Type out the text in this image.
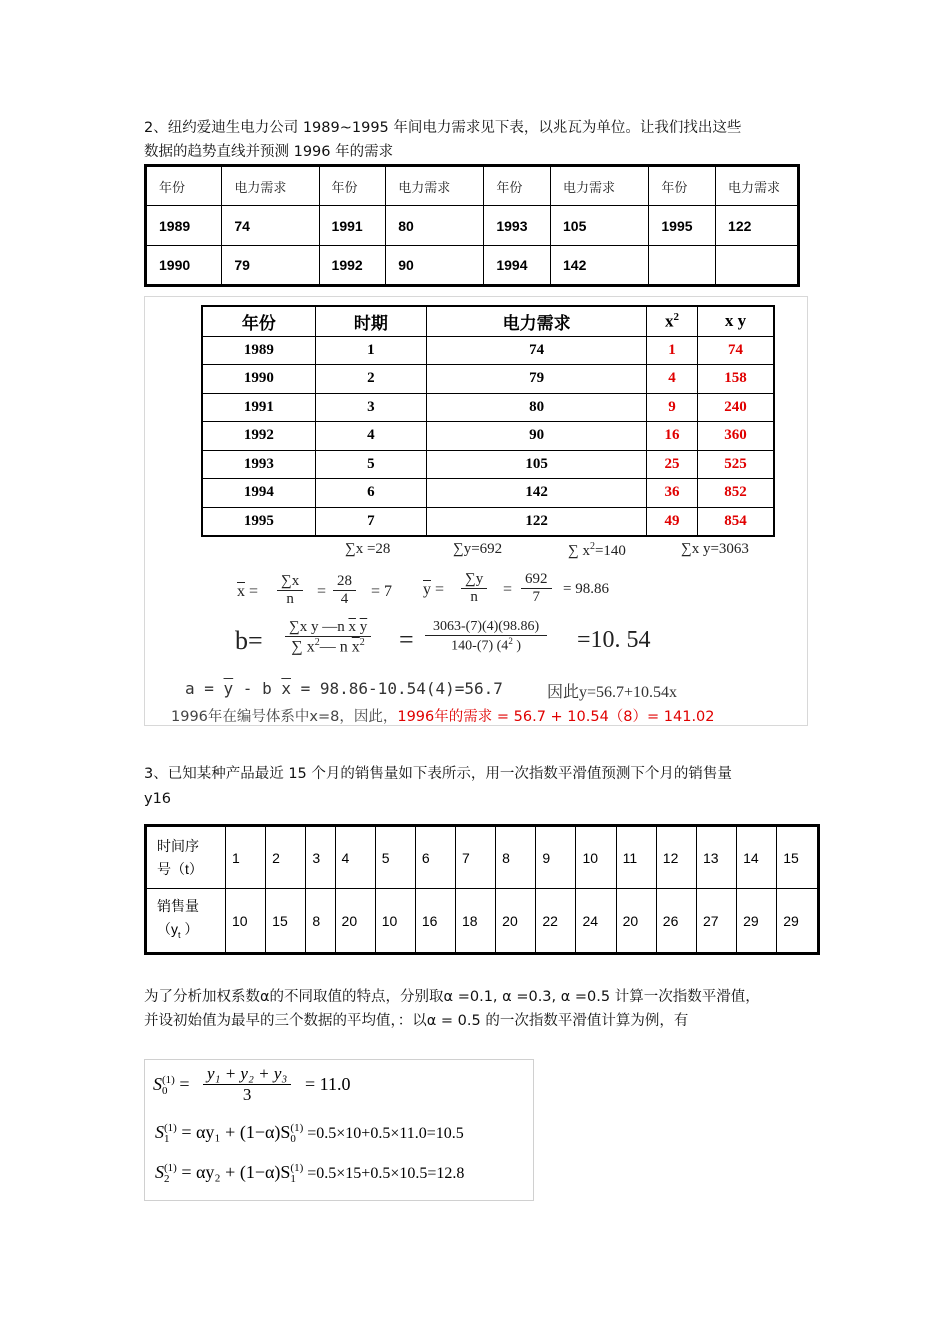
2、纽约爱迪生电力公司 1989~1995 年间电力需求见下表，以兆瓦为单位。让我们找出这些
数据的趋势直线并预测 1996 年的需求
年份	电力需求	年份	电力需求	年份	电力需求	年份	电力需求
1989	74	1991	80	1993	105	1995	122
1990	79	1992	90	1994	142		
年份	时期	电力需求	$x^2$	x y
1989	1	74	1	74
1990	2	79	4	158
1991	3	80	9	240
1992	4	90	16	360
1993	5	105	25	525
1994	6	142	36	852
1995	7	122	49	854
∑x =28	∑y=692	∑ $x^2=140$	∑x y=3063
$\overline{x} = \frac{\sum x}{n} = \frac{28}{4} = 7$ $\overline{y} = \frac{\sum y}{n} = \frac{692}{7} = 98.86$
$b= \frac{\sum x y —n \overline{x} \overline{y}}{\sum x^2— n \overline{x}^2} = \frac{3063-(7)(4)(98.86)}{140-(7) (4^2 )} =10$. 54
$a = \overline{y} - b$ $\overline{x} = 98.86-10.54(4)=56.7$	因此y=56.7+10.54x
1996年在编号体系中x=8，因此，1996年的需求 = 56.7 + 10.54（8）= 141.02
3、已知某种产品最近 15 个月的销售量如下表所示，用一次指数平滑值预测下个月的销售量
y16
时间序
号（t）	1	2	3	4	5	6	7	8	9	10	11	12	13	14	15
销售量
（$y_t$ ）	10	15	8	20	10	16	18	20	22	24	20	26	27	29	29
为了分析加权系数α的不同取值的特点，分别取α =0.1, α =0.3, α =0.5 计算一次指数平滑值，
并设初始值为最早的三个数据的平均值，：以α = 0.5 的一次指数平滑值计算为例，有
S (1)
$0 = \frac{\text{y₁ + y₂ + y₃}}{3} = 11.0$
S (1)
1 = αy₁ + (1−α)S (1)
0 =0.5×10+0.5×11.0=10.5
S (1)
2 = αy₂ + (1−α)S (1)
1 =0.5×15+0.5×10.5=12.8
